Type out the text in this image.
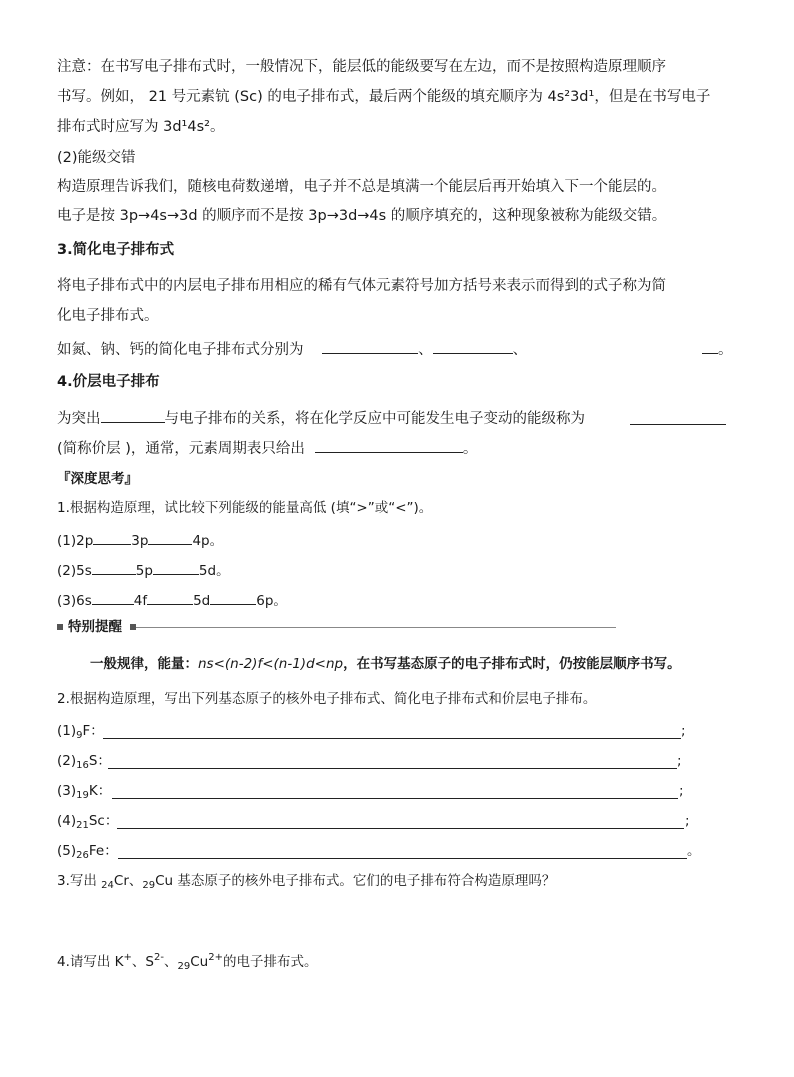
注意：在书写电子排布式时，一般情况下，能层低的能级要写在左边，而不是按照构造原理顺序
书写。例如， 21 号元素钪 (Sc) 的电子排布式，最后两个能级的填充顺序为 4s²3d¹，但是在书写电子
排布式时应写为 3d¹4s²。
(2)能级交错
构造原理告诉我们，随核电荷数递增，电子并不总是填满一个能层后再开始填入下一个能层的。
电子是按 3p→4s→3d 的顺序而不是按 3p→3d→4s 的顺序填充的，这种现象被称为能级交错。
3.简化电子排布式
将电子排布式中的内层电子排布用相应的稀有气体元素符号加方括号来表示而得到的式子称为简
化电子排布式。
如氮、钠、钙的简化电子排布式分别为	、	、	。
4.价层电子排布
为突出	与电子排布的关系，将在化学反应中可能发生电子变动的能级称为
(简称价层 )，通常，元素周期表只给出	。
『深度思考』
1.根据构造原理，试比较下列能级的能量高低 (填“>”或“<”)。
(1)2p	3p	4p。
(2)5s	5p	5d。
(3)6s	4f	5d	6p。
特别提醒
一般规律，能量：ns<(n-2)f<(n-1)d<np，在书写基态原子的电子排布式时，仍按能层顺序书写。
2.根据构造原理，写出下列基态原子的核外电子排布式、简化电子排布式和价层电子排布。
$(1)_9F$：	;
$(2)_{16}S$：	;
$(3)_{19}K$：	;
$(4)_{21}Sc$：	;
$(5)_{26}Fe$：	。
3.写出 $_{24}$Cr、$_{29}$Cu 基态原子的核外电子排布式。它们的电子排布符合构造原理吗？
4.请写出 K+、$S^{2-}$、$_{29}Cu^{2+}$的电子排布式。
